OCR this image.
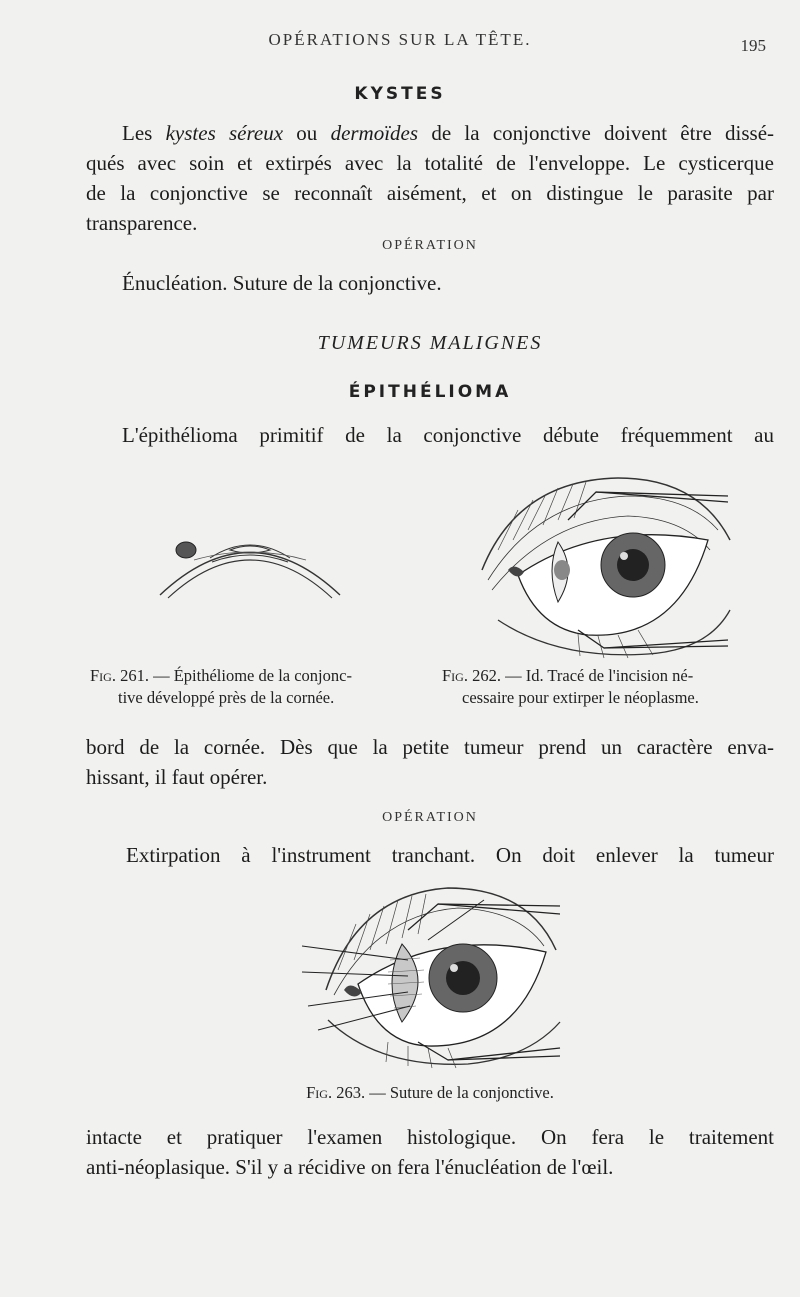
OPÉRATIONS SUR LA TÊTE.	195
KYSTES
Les kystes séreux ou dermoïdes de la conjonctive doivent être dissé-
qués avec soin et extirpés avec la totalité de l'enveloppe. Le cysticerque
de la conjonctive se reconnaît aisément, et on distingue le parasite par
transparence.
OPÉRATION
Énucléation. Suture de la conjonctive.
TUMEURS MALIGNES
ÉPITHÉLIOMA
L'épithélioma primitif de la conjonctive débute fréquemment au
Fig. 261. — Épithéliome de la conjonc-
tive développé près de la cornée.
Fig. 262. — Id. Tracé de l'incision né-
cessaire pour extirper le néoplasme.
bord de la cornée. Dès que la petite tumeur prend un caractère enva-
hissant, il faut opérer.
OPÉRATION
Extirpation à l'instrument tranchant. On doit enlever la tumeur
Fig. 263. — Suture de la conjonctive.
intacte et pratiquer l'examen histologique. On fera le traitement
anti-néoplasique. S'il y a récidive on fera l'énucléation de l'œil.
